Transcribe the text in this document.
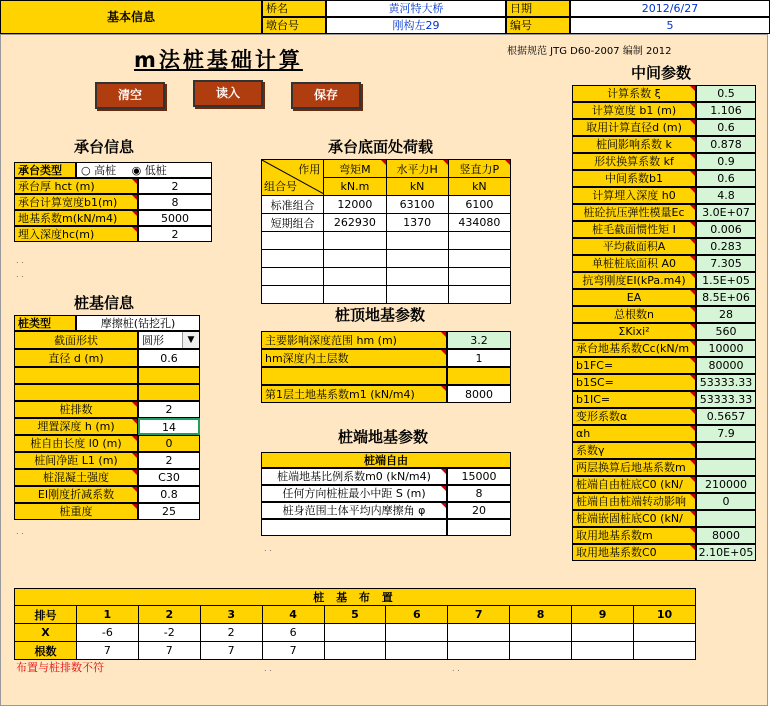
基本信息
桥名	黄河特大桥	日期	2012/6/27
墩台号	刚构左29	编号	5
m法桩基础计算	根据规范 JTG D60-2007 编制 2012
中间参数
清空	读入	保存
承台信息
承台类型	○ 高桩 ◉ 低桩
承台厚 hct (m)	2
承台计算宽度b1(m)	8
地基系数m(kN/m4)	5000
埋入深度hc(m)	2
. .
. .
承台底面处荷载
作用
组合号	弯矩M	水平力H	竖直力P

	kN.m	kN	kN
标准组合	12000	63100	6100
短期组合	262930	1370	434080

桩基信息
桩类型	摩擦桩(钻挖孔)
截面形状	圆形	▼
直径 d (m)	0.6
桩排数	2
埋置深度 h (m)	14
桩自由长度 l0 (m)	0
桩间净距 L1 (m)	2
桩混凝土强度	C30
EI刚度折减系数	0.8
桩重度	25
. .
桩顶地基参数
主要影响深度范围 hm (m)	3.2
hm深度内土层数	1
第1层土地基系数m1 (kN/m4)	8000
桩端地基参数
桩端自由
桩端地基比例系数m0 (kN/m4)	15000
任何方向桩桩最小中距 S (m)	8
桩身范围土体平均内摩擦角 φ	20
. .
计算系数 ξ	0.5
计算宽度 b1 (m)	1.106
取用计算直径d (m)	0.6
桩间影响系数 k	0.878
形状换算系数 kf	0.9
中间系数b1	0.6
计算埋入深度 h0	4.8
桩砼抗压弹性模量Ec	3.0E+07
桩毛截面惯性矩 I	0.006
平均截面积A	0.283
单桩桩底面积 A0	7.305
抗弯刚度EI(kPa.m4)	1.5E+05
EA	8.5E+06
总根数n	28
ΣKixi²	560
承台地基系数Cc(kN/m	10000
b1FC=	80000
b1SC=	53333.33
b1IC=	53333.33
变形系数α	0.5657
αh	7.9
系数γ
两层换算后地基系数m
桩端自由桩底C0 (kN/	210000
桩端自由桩端转动影响	0
桩端嵌固桩底C0 (kN/
取用地基系数m	8000
取用地基系数C0	2.10E+05
桩 基 布 置										
排号	1	2	3	4	5	6	7	8	9	10
X	-6	-2	2	6						
根数	7	7	7	7						
布置与桩排数不符	. .	. .
